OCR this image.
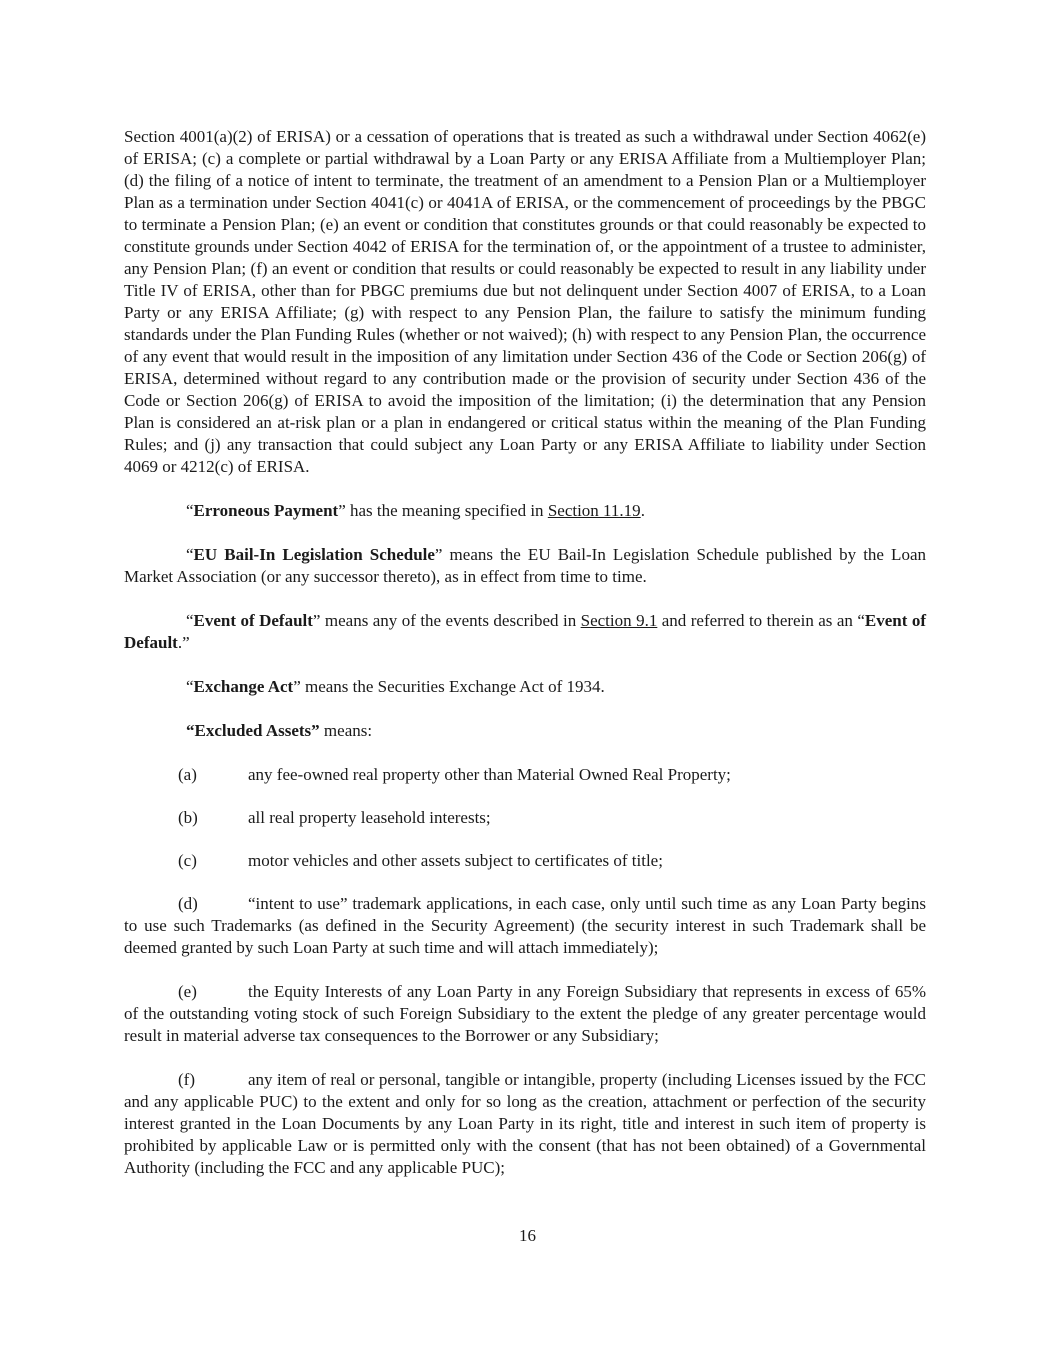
Section 4001(a)(2) of ERISA) or a cessation of operations that is treated as such a withdrawal under Section 4062(e) of ERISA; (c) a complete or partial withdrawal by a Loan Party or any ERISA Affiliate from a Multiemployer Plan; (d) the filing of a notice of intent to terminate, the treatment of an amendment to a Pension Plan or a Multiemployer Plan as a termination under Section 4041(c) or 4041A of ERISA, or the commencement of proceedings by the PBGC to terminate a Pension Plan; (e) an event or condition that constitutes grounds or that could reasonably be expected to constitute grounds under Section 4042 of ERISA for the termination of, or the appointment of a trustee to administer, any Pension Plan; (f) an event or condition that results or could reasonably be expected to result in any liability under Title IV of ERISA, other than for PBGC premiums due but not delinquent under Section 4007 of ERISA, to a Loan Party or any ERISA Affiliate; (g) with respect to any Pension Plan, the failure to satisfy the minimum funding standards under the Plan Funding Rules (whether or not waived); (h) with respect to any Pension Plan, the occurrence of any event that would result in the imposition of any limitation under Section 436 of the Code or Section 206(g) of ERISA, determined without regard to any contribution made or the provision of security under Section 436 of the Code or Section 206(g) of ERISA to avoid the imposition of the limitation; (i) the determination that any Pension Plan is considered an at-risk plan or a plan in endangered or critical status within the meaning of the Plan Funding Rules; and (j) any transaction that could subject any Loan Party or any ERISA Affiliate to liability under Section 4069 or 4212(c) of ERISA.

“Erroneous Payment” has the meaning specified in Section 11.19.

“EU Bail-In Legislation Schedule” means the EU Bail-In Legislation Schedule published by the Loan Market Association (or any successor thereto), as in effect from time to time.

“Event of Default” means any of the events described in Section 9.1 and referred to therein as an “Event of Default.”

“Exchange Act” means the Securities Exchange Act of 1934.

“Excluded Assets” means:

(a)	any fee-owned real property other than Material Owned Real Property;
(b)	all real property leasehold interests;
(c)	motor vehicles and other assets subject to certificates of title;

(d)	“intent to use” trademark applications, in each case, only until such time as any Loan Party begins to use such Trademarks (as defined in the Security Agreement) (the security interest in such Trademark shall be deemed granted by such Loan Party at such time and will attach immediately);

(e)	the Equity Interests of any Loan Party in any Foreign Subsidiary that represents in excess of 65% of the outstanding voting stock of such Foreign Subsidiary to the extent the pledge of any greater percentage would result in material adverse tax consequences to the Borrower or any Subsidiary;

(f)	any item of real or personal, tangible or intangible, property (including Licenses issued by the FCC and any applicable PUC) to the extent and only for so long as the creation, attachment or perfection of the security interest granted in the Loan Documents by any Loan Party in its right, title and interest in such item of property is prohibited by applicable Law or is permitted only with the consent (that has not been obtained) of a Governmental Authority (including the FCC and any applicable PUC);

16
